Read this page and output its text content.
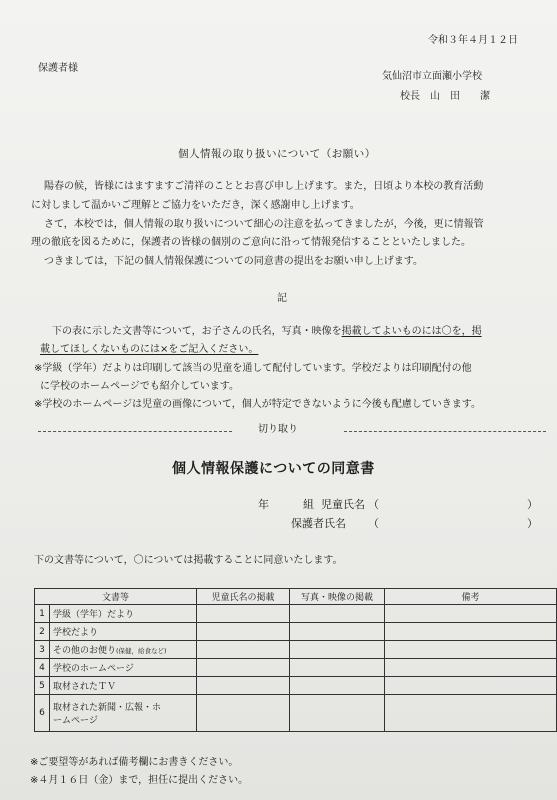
令和３年４月１２日
保護者様
気仙沼市立面瀬小学校
校長　山　田　　潔
個人情報の取り扱いについて（お願い）
陽春の候，皆様にはますますご清祥のこととお喜び申し上げます。また，日頃より本校の教育活動
に対しまして温かいご理解とご協力をいただき，深く感謝申し上げます。
さて，本校では，個人情報の取り扱いについて細心の注意を払ってきましたが，今後，更に情報管
理の徹底を図るために，保護者の皆様の個別のご意向に沿って情報発信することといたしました。
つきましては，下記の個人情報保護についての同意書の提出をお願い申し上げます。
記
下の表に示した文書等について，お子さんの氏名，写真・映像を掲載してよいものには〇を，掲
載してほしくないものには×をご記入ください。
※学級（学年）だよりは印刷して該当の児童を通して配付しています。学校だよりは印刷配付の他
に学校のホームページでも紹介しています。
※学校のホームページは児童の画像について，個人が特定できないように今後も配慮していきます。
切り取り
個人情報保護についての同意書
年	組 児童氏名 （	）
保護者氏名 （	）
下の文書等について，〇については掲載することに同意いたします。
文書等		児童氏名の掲載	写真・映像の掲載	備考
1	学級（学年）だより			
2	学校だより			
3	その他のお便り(保健，給食など)			
4	学校のホームページ			
5	取材されたＴＶ			
6	取材された新聞・広報・ホ
ームページ			

※ご要望等があれば備考欄にお書きください。
※４月１６日（金）まで，担任に提出ください。
